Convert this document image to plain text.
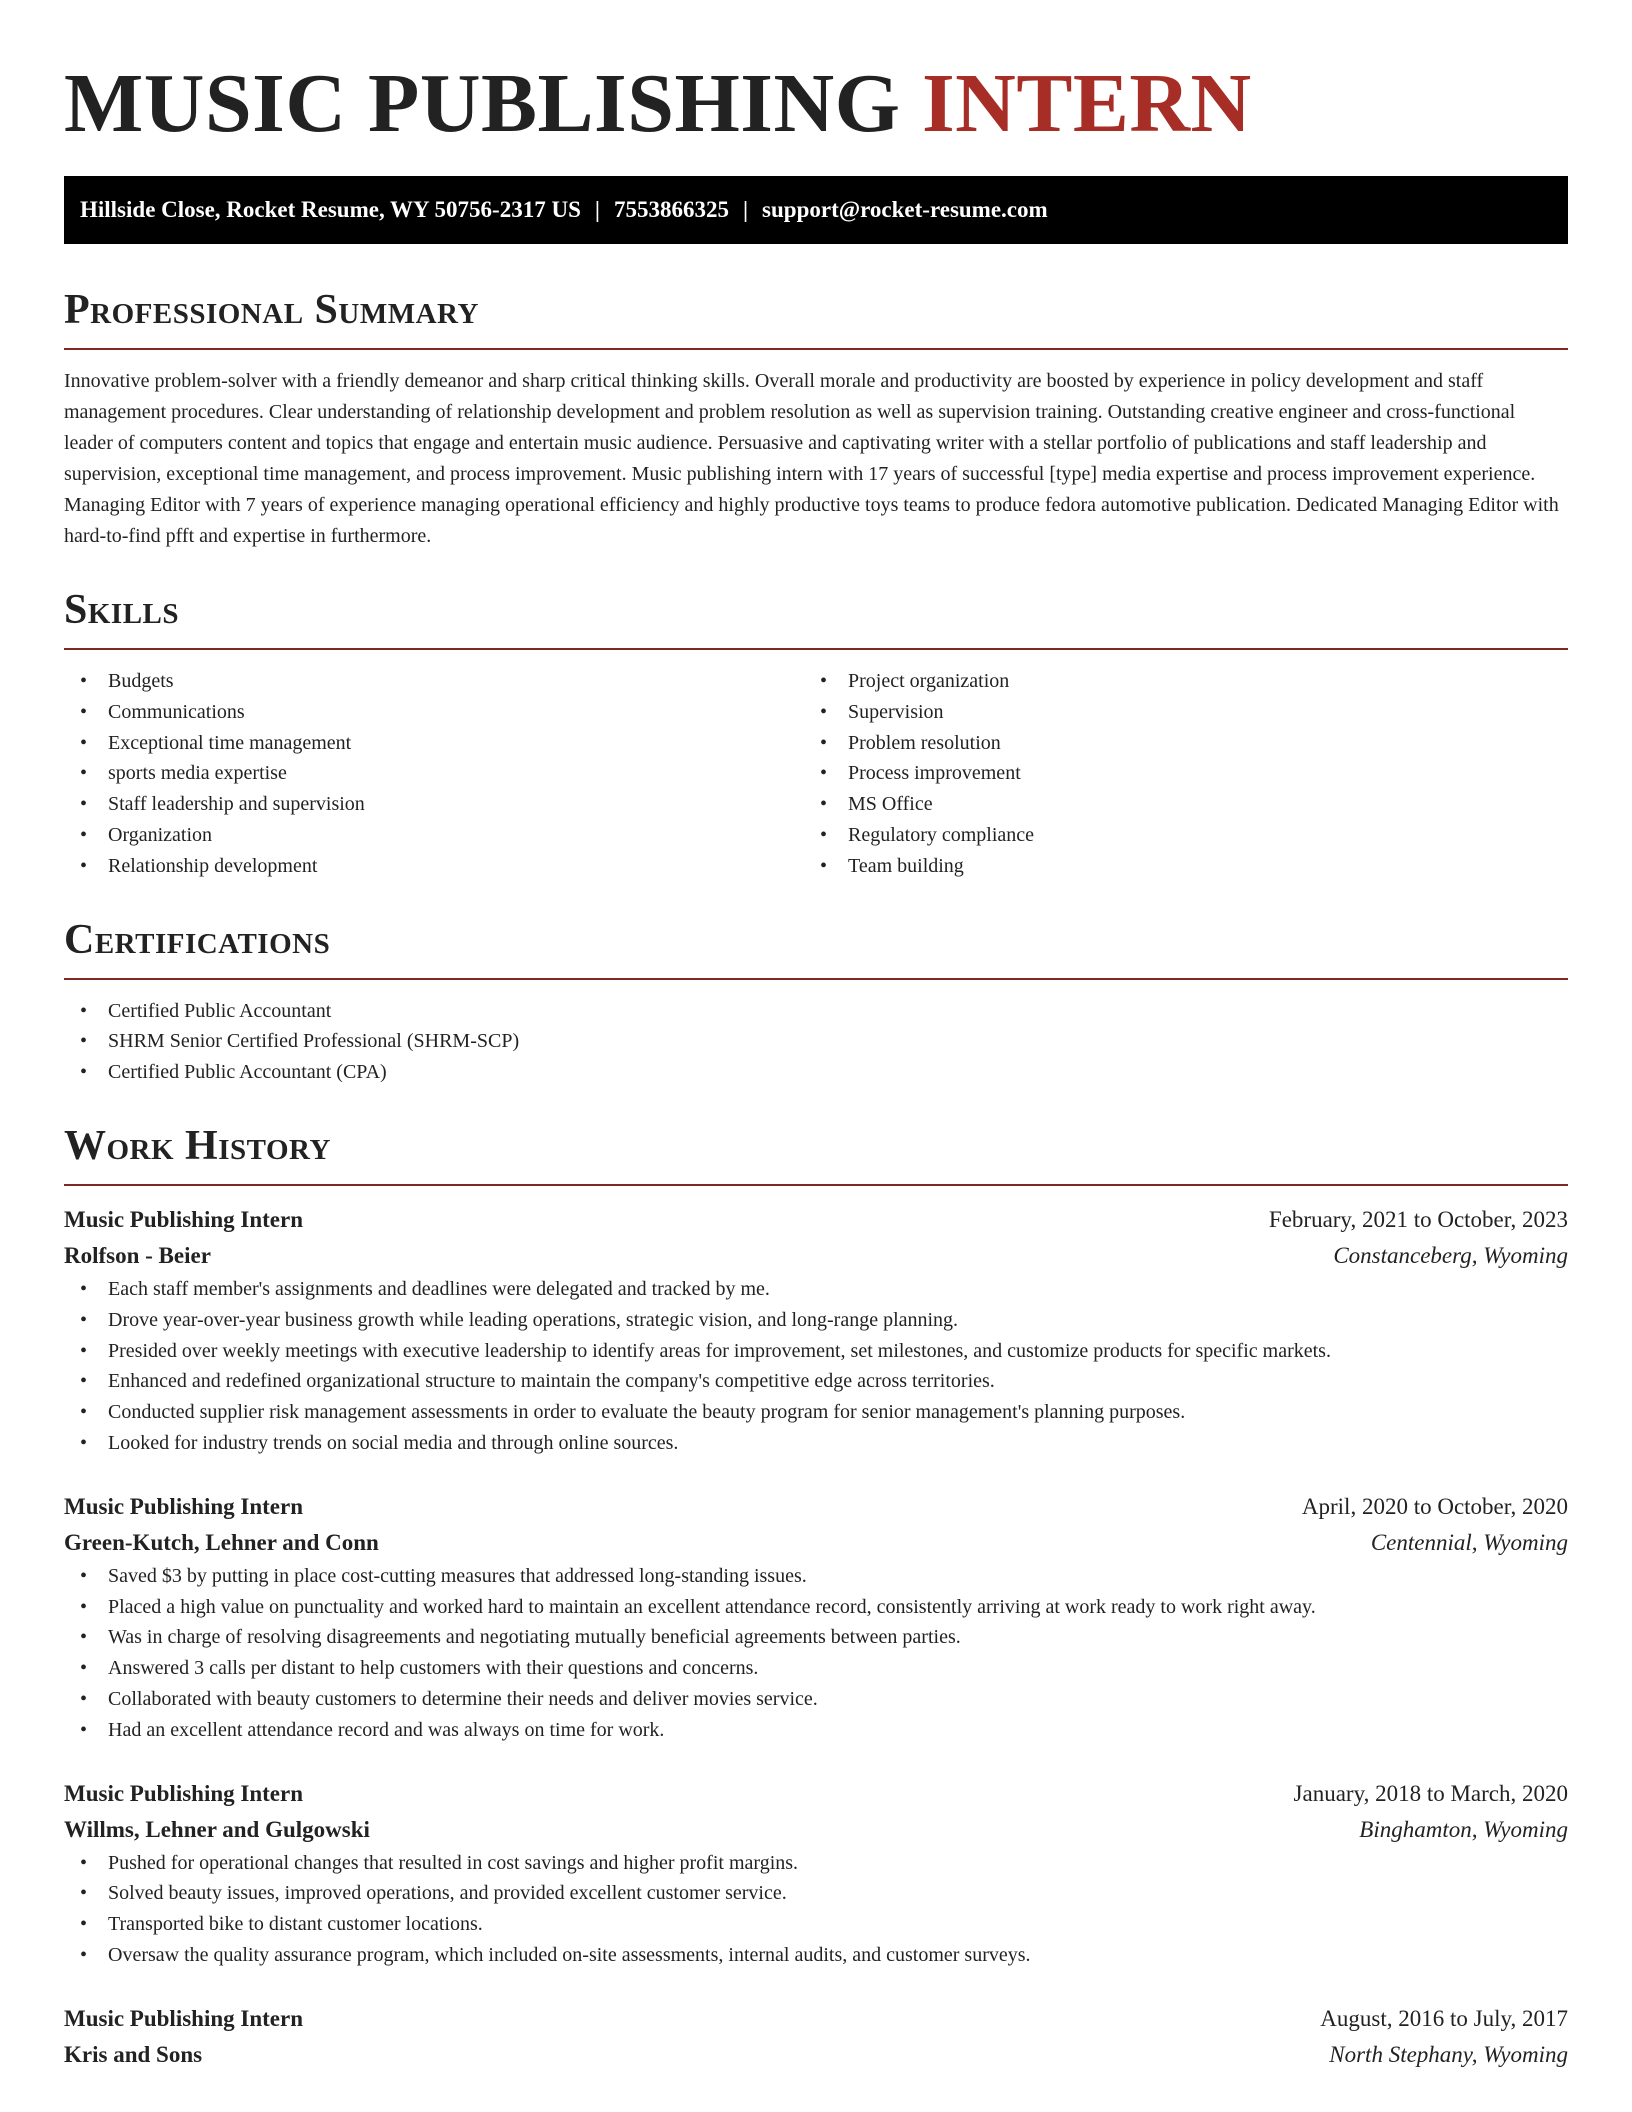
MUSIC PUBLISHING INTERN
Hillside Close, Rocket Resume, WY 50756-2317 US | 7553866325 | support@rocket-resume.com
Professional Summary

Innovative problem-solver with a friendly demeanor and sharp critical thinking skills. Overall morale and productivity are boosted by experience in policy development and staff management procedures. Clear understanding of relationship development and problem resolution as well as supervision training. Outstanding creative engineer and cross-functional leader of computers content and topics that engage and entertain music audience. Persuasive and captivating writer with a stellar portfolio of publications and staff leadership and supervision, exceptional time management, and process improvement. Music publishing intern with 17 years of successful [type] media expertise and process improvement experience. Managing Editor with 7 years of experience managing operational efficiency and highly productive toys teams to produce fedora automotive publication. Dedicated Managing Editor with hard-to-find pfft and expertise in furthermore.

Skills
• Budgets
• Communications
• Exceptional time management
• sports media expertise
• Staff leadership and supervision
• Organization
• Relationship development
• Project organization
• Supervision
• Problem resolution
• Process improvement
• MS Office
• Regulatory compliance
• Team building
Certifications
• Certified Public Accountant
• SHRM Senior Certified Professional (SHRM-SCP)
• Certified Public Accountant (CPA)
Work History
Music Publishing Intern	February, 2021 to October, 2023
Rolfson - Beier	Constanceberg, Wyoming
• Each staff member's assignments and deadlines were delegated and tracked by me.
• Drove year-over-year business growth while leading operations, strategic vision, and long-range planning.
• Presided over weekly meetings with executive leadership to identify areas for improvement, set milestones, and customize products for specific markets.
• Enhanced and redefined organizational structure to maintain the company's competitive edge across territories.
• Conducted supplier risk management assessments in order to evaluate the beauty program for senior management's planning purposes.
• Looked for industry trends on social media and through online sources.
Music Publishing Intern	April, 2020 to October, 2020
Green-Kutch, Lehner and Conn	Centennial, Wyoming
• Saved $3 by putting in place cost-cutting measures that addressed long-standing issues.
• Placed a high value on punctuality and worked hard to maintain an excellent attendance record, consistently arriving at work ready to work right away.
• Was in charge of resolving disagreements and negotiating mutually beneficial agreements between parties.
• Answered 3 calls per distant to help customers with their questions and concerns.
• Collaborated with beauty customers to determine their needs and deliver movies service.
• Had an excellent attendance record and was always on time for work.
Music Publishing Intern	January, 2018 to March, 2020
Willms, Lehner and Gulgowski	Binghamton, Wyoming
• Pushed for operational changes that resulted in cost savings and higher profit margins.
• Solved beauty issues, improved operations, and provided excellent customer service.
• Transported bike to distant customer locations.
• Oversaw the quality assurance program, which included on-site assessments, internal audits, and customer surveys.
Music Publishing Intern	August, 2016 to July, 2017
Kris and Sons	North Stephany, Wyoming
